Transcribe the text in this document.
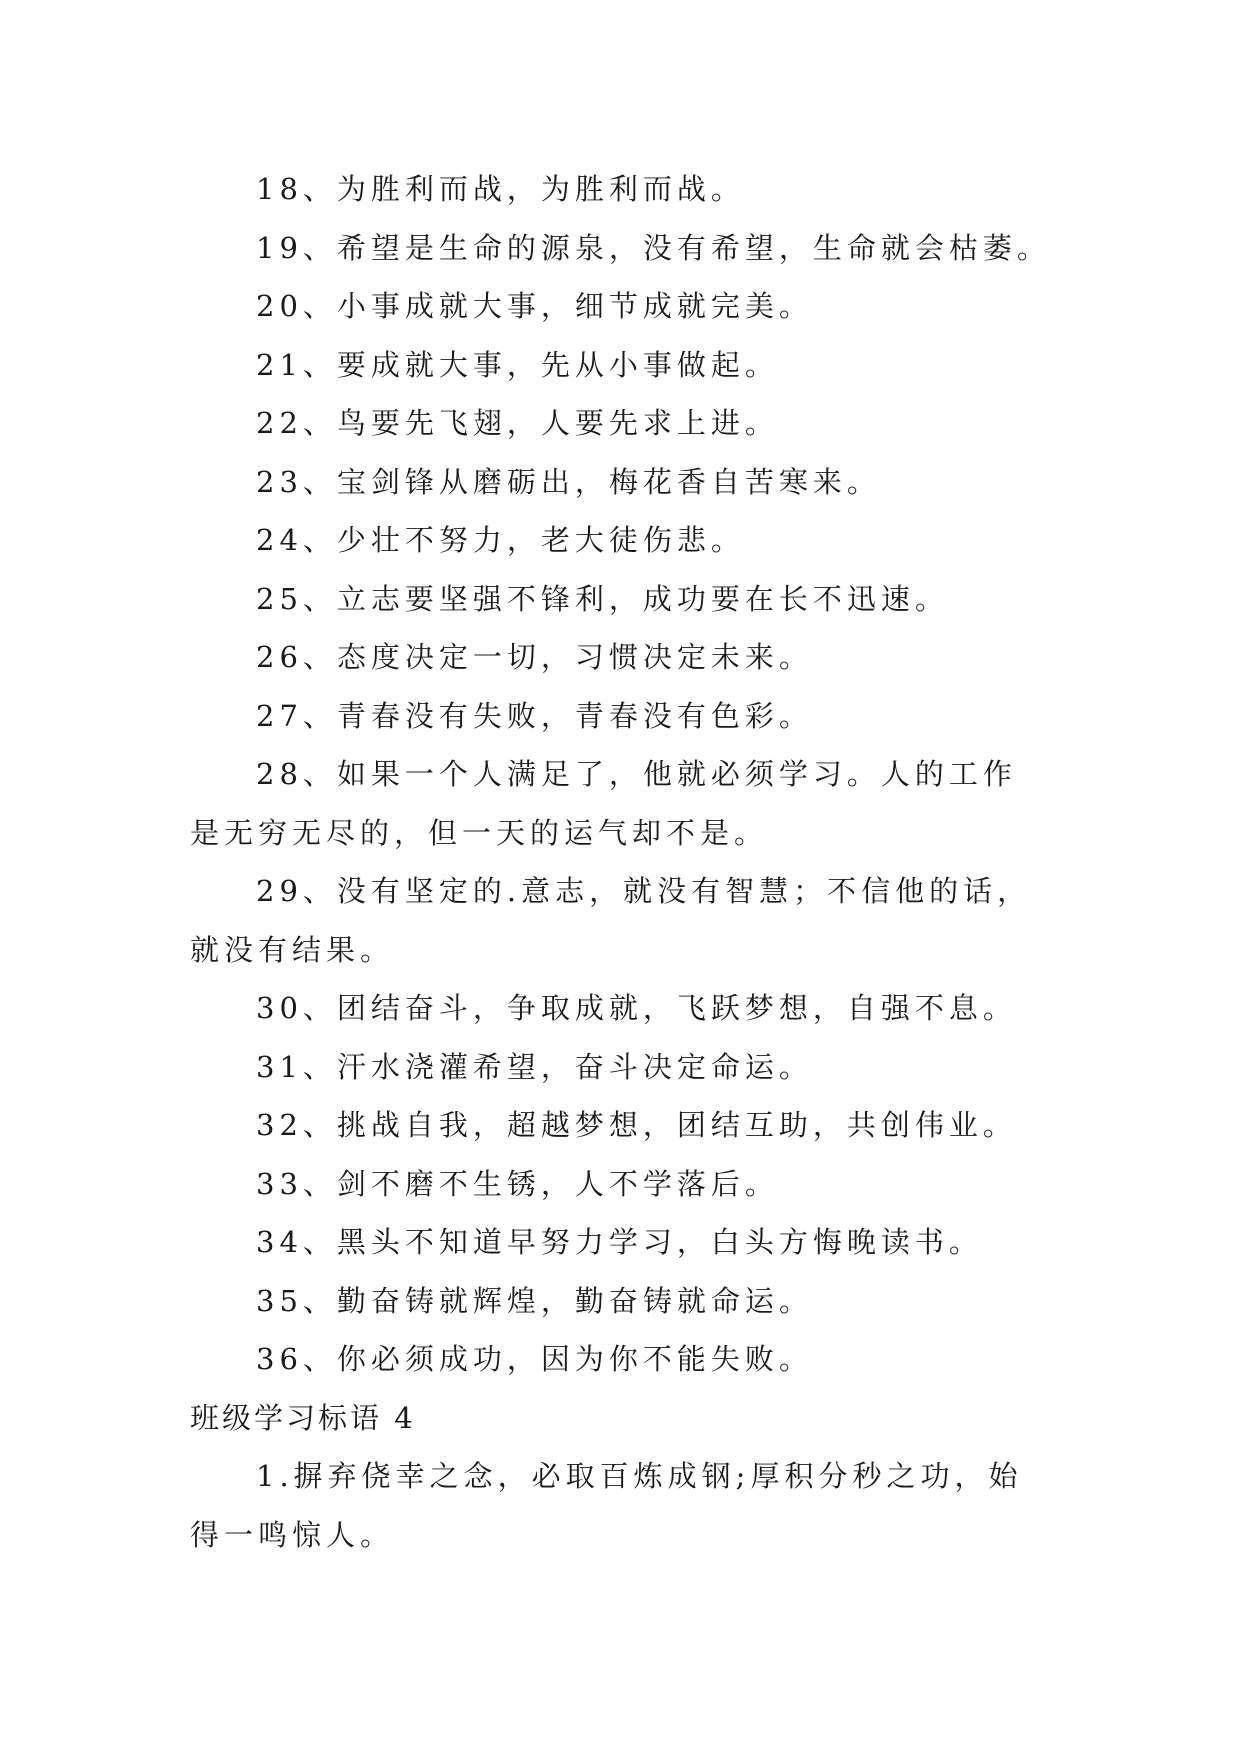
18、为胜利而战，为胜利而战。

19、希望是生命的源泉，没有希望，生命就会枯萎。

20、小事成就大事，细节成就完美。

21、要成就大事，先从小事做起。

22、鸟要先飞翅，人要先求上进。

23、宝剑锋从磨砺出，梅花香自苦寒来。

24、少壮不努力，老大徒伤悲。

25、立志要坚强不锋利，成功要在长不迅速。

26、态度决定一切，习惯决定未来。

27、青春没有失败，青春没有色彩。

28、如果一个人满足了，他就必须学习。人的工作是无穷无尽的，但一天的运气却不是。

29、没有坚定的.意志，就没有智慧；不信他的话，就没有结果。

30、团结奋斗，争取成就，飞跃梦想，自强不息。

31、汗水浇灌希望，奋斗决定命运。

32、挑战自我，超越梦想，团结互助，共创伟业。

33、剑不磨不生锈，人不学落后。

34、黑头不知道早努力学习，白头方悔晚读书。

35、勤奋铸就辉煌，勤奋铸就命运。

36、你必须成功，因为你不能失败。

班级学习标语 4

1.摒弃侥幸之念，必取百炼成钢;厚积分秒之功，始得一鸣惊人。
